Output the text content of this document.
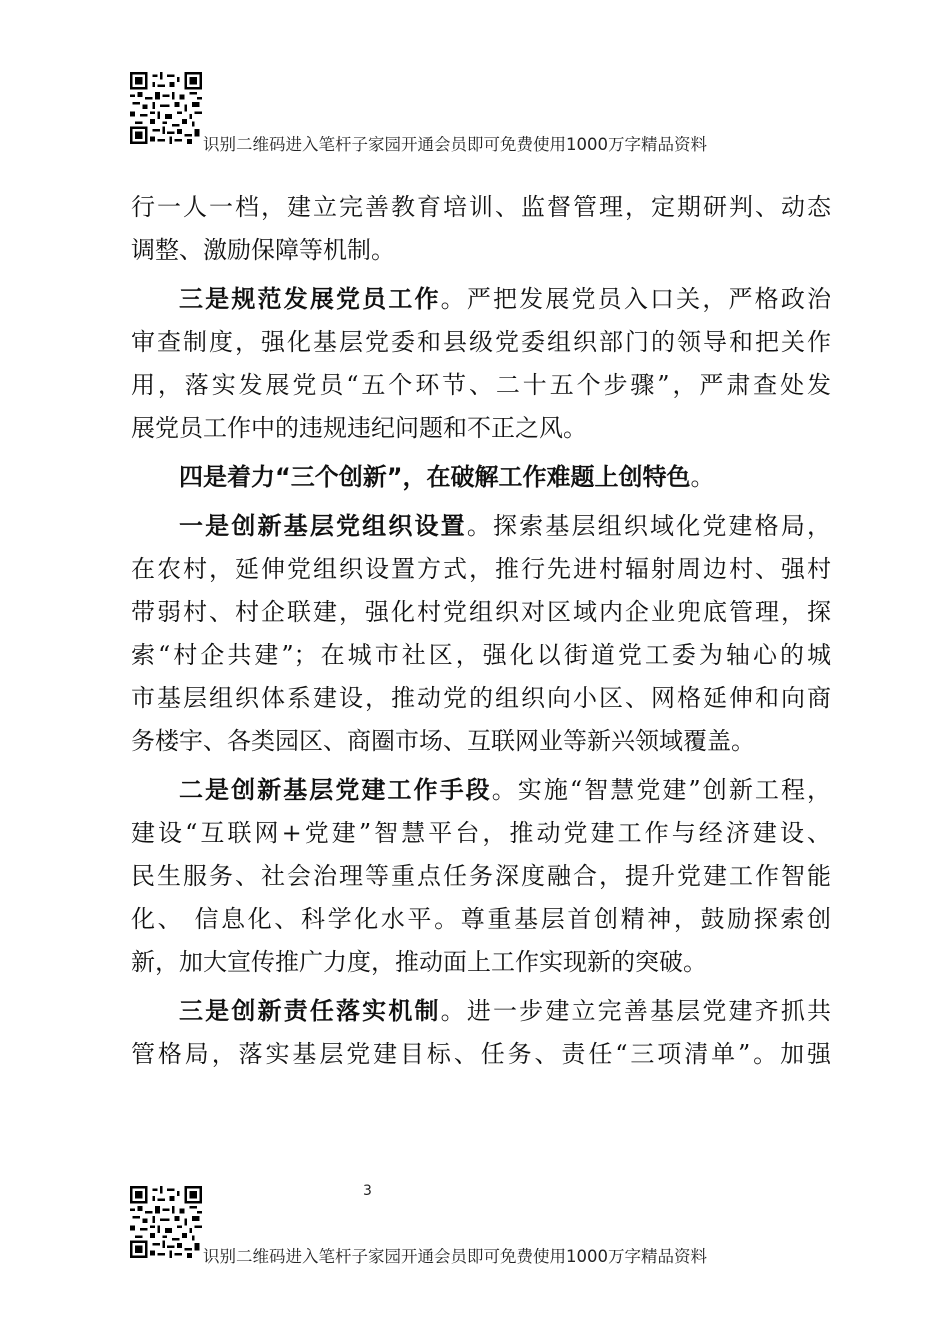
识别二维码进入笔杆子家园开通会员即可免费使用1000万字精品资料

行一人一档，建立完善教育培训、监督管理，定期研判、动态
调整、激励保障等机制。

三是规范发展党员工作。严把发展党员入口关，严格政治
审查制度，强化基层党委和县级党委组织部门的领导和把关作
用，落实发展党员“五个环节、二十五个步骤”，严肃查处发
展党员工作中的违规违纪问题和不正之风。

四是着力“三个创新”，在破解工作难题上创特色。

一是创新基层党组织设置。探索基层组织域化党建格局，
在农村，延伸党组织设置方式，推行先进村辐射周边村、强村
带弱村、村企联建，强化村党组织对区域内企业兜底管理，探
索“村企共建”；在城市社区，强化以街道党工委为轴心的城
市基层组织体系建设，推动党的组织向小区、网格延伸和向商
务楼宇、各类园区、商圈市场、互联网业等新兴领域覆盖。

二是创新基层党建工作手段。实施“智慧党建”创新工程，
建设“互联网+党建”智慧平台，推动党建工作与经济建设、
民生服务、社会治理等重点任务深度融合，提升党建工作智能
化、 信息化、科学化水平。尊重基层首创精神，鼓励探索创
新，加大宣传推广力度，推动面上工作实现新的突破。

三是创新责任落实机制。进一步建立完善基层党建齐抓共
管格局，落实基层党建目标、任务、责任“三项清单”。加强

3
识别二维码进入笔杆子家园开通会员即可免费使用1000万字精品资料
